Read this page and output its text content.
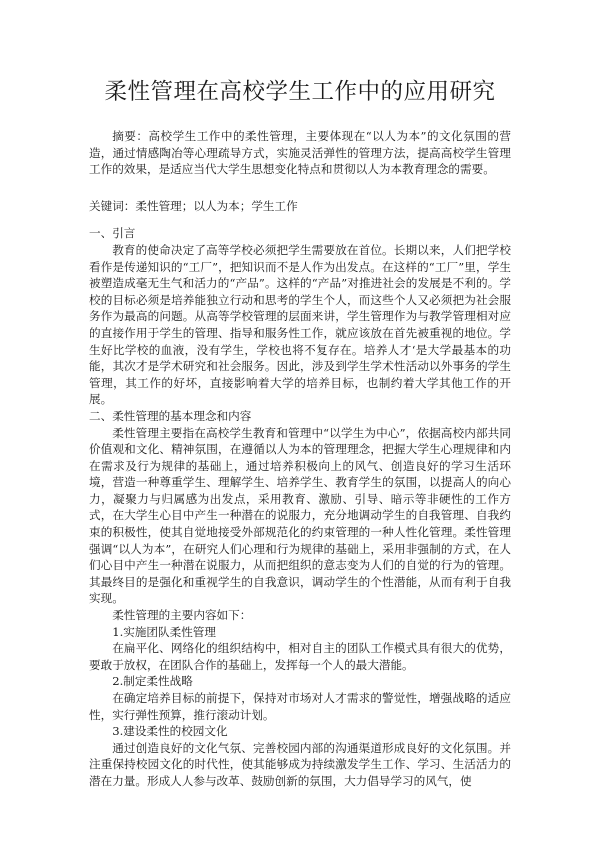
柔性管理在高校学生工作中的应用研究

摘要：高校学生工作中的柔性管理，主要体现在“以人为本”的文化氛围的营造，通过情感陶冶等心理疏导方式，实施灵活弹性的管理方法，提高高校学生管理工作的效果，是适应当代大学生思想变化特点和贯彻以人为本教育理念的需要。

关键词：柔性管理；以人为本；学生工作

一、引言

教育的使命决定了高等学校必须把学生需要放在首位。长期以来，人们把学校看作是传递知识的“工厂”，把知识而不是人作为出发点。在这样的“工厂”里，学生被塑造成毫无生气和活力的“产品”。这样的“产品”对推进社会的发展是不利的。学校的目标必须是培养能独立行动和思考的学生个人，而这些个人又必须把为社会服务作为最高的问题。从高等学校管理的层面来讲，学生管理作为与教学管理相对应的直接作用于学生的管理、指导和服务性工作，就应该放在首先被重视的地位。学生好比学校的血液，没有学生，学校也将不复存在。培养人才‘是大学最基本的功能，其次才是学术研究和社会服务。因此，涉及到学生学术性活动以外事务的学生管理，其工作的好坏，直接影响着大学的培养目标，也制约着大学其他工作的开展。

二、柔性管理的基本理念和内容

柔性管理主要指在高校学生教育和管理中“以学生为中心”，依据高校内部共同价值观和文化、精神氛围，在遵循以人为本的管理理念，把握大学生心理规律和内在需求及行为规律的基础上，通过培养积极向上的风气、创造良好的学习生活环境，营造一种尊重学生、理解学生、培养学生、教育学生的氛围，以提高人的向心力，凝聚力与归属感为出发点，采用教育、激励、引导、暗示等非硬性的工作方式，在大学生心目中产生一种潜在的说服力，充分地调动学生的自我管理、自我约束的积极性，使其自觉地接受外部规范化的约束管理的一种人性化管理。柔性管理强调“以人为本”，在研究人们心理和行为规律的基础上，采用非强制的方式，在人们心目中产生一种潜在说服力，从而把组织的意志变为人们的自觉的行为的管理。其最终目的是强化和重视学生的自我意识，调动学生的个性潜能，从而有利于自我实现。

柔性管理的主要内容如下：

1.实施团队柔性管理

在扁平化、网络化的组织结构中，相对自主的团队工作模式具有很大的优势，要敢于放权，在团队合作的基础上，发挥每一个人的最大潜能。

2.制定柔性战略

在确定培养目标的前提下，保持对市场对人才需求的警觉性，增强战略的适应性，实行弹性预算，推行滚动计划。

3.建设柔性的校园文化

通过创造良好的文化气氛、完善校园内部的沟通渠道形成良好的文化氛围。并注重保持校园文化的时代性，使其能够成为持续激发学生工作、学习、生活活力的潜在力量。形成人人参与改革、鼓励创新的氛围，大力倡导学习的风气，使
